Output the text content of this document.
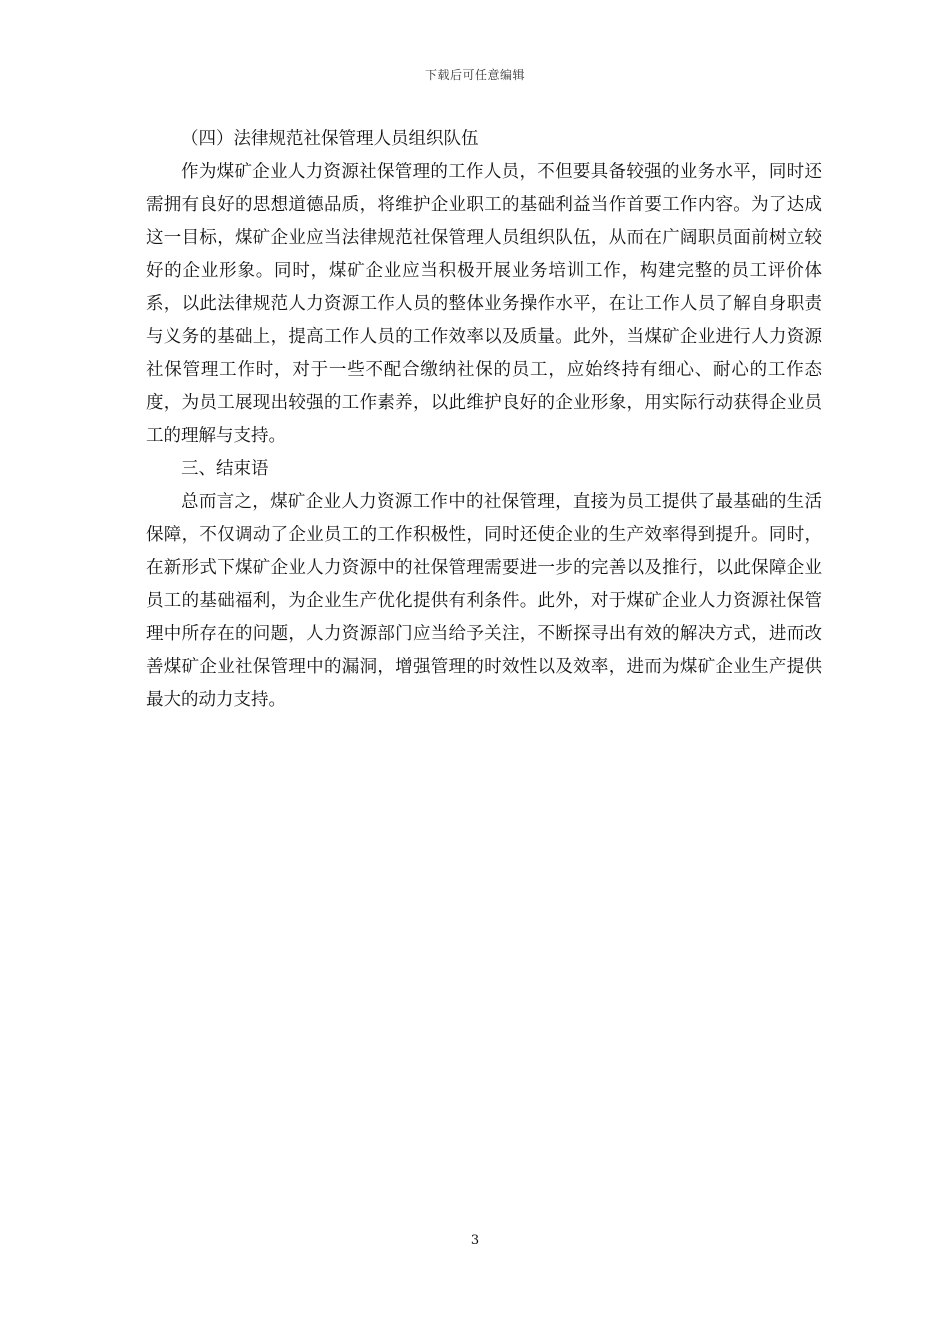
下载后可任意编辑

（四）法律规范社保管理人员组织队伍

作为煤矿企业人力资源社保管理的工作人员，不但要具备较强的业务水平，同时还需拥有良好的思想道德品质，将维护企业职工的基础利益当作首要工作内容。为了达成这一目标，煤矿企业应当法律规范社保管理人员组织队伍，从而在广阔职员面前树立较好的企业形象。同时，煤矿企业应当积极开展业务培训工作，构建完整的员工评价体系，以此法律规范人力资源工作人员的整体业务操作水平，在让工作人员了解自身职责与义务的基础上，提高工作人员的工作效率以及质量。此外，当煤矿企业进行人力资源社保管理工作时，对于一些不配合缴纳社保的员工，应始终持有细心、耐心的工作态度，为员工展现出较强的工作素养，以此维护良好的企业形象，用实际行动获得企业员工的理解与支持。

三、结束语

总而言之，煤矿企业人力资源工作中的社保管理，直接为员工提供了最基础的生活保障，不仅调动了企业员工的工作积极性，同时还使企业的生产效率得到提升。同时，在新形式下煤矿企业人力资源中的社保管理需要进一步的完善以及推行，以此保障企业员工的基础福利，为企业生产优化提供有利条件。此外，对于煤矿企业人力资源社保管理中所存在的问题，人力资源部门应当给予关注，不断探寻出有效的解决方式，进而改善煤矿企业社保管理中的漏洞，增强管理的时效性以及效率，进而为煤矿企业生产提供最大的动力支持。

3
